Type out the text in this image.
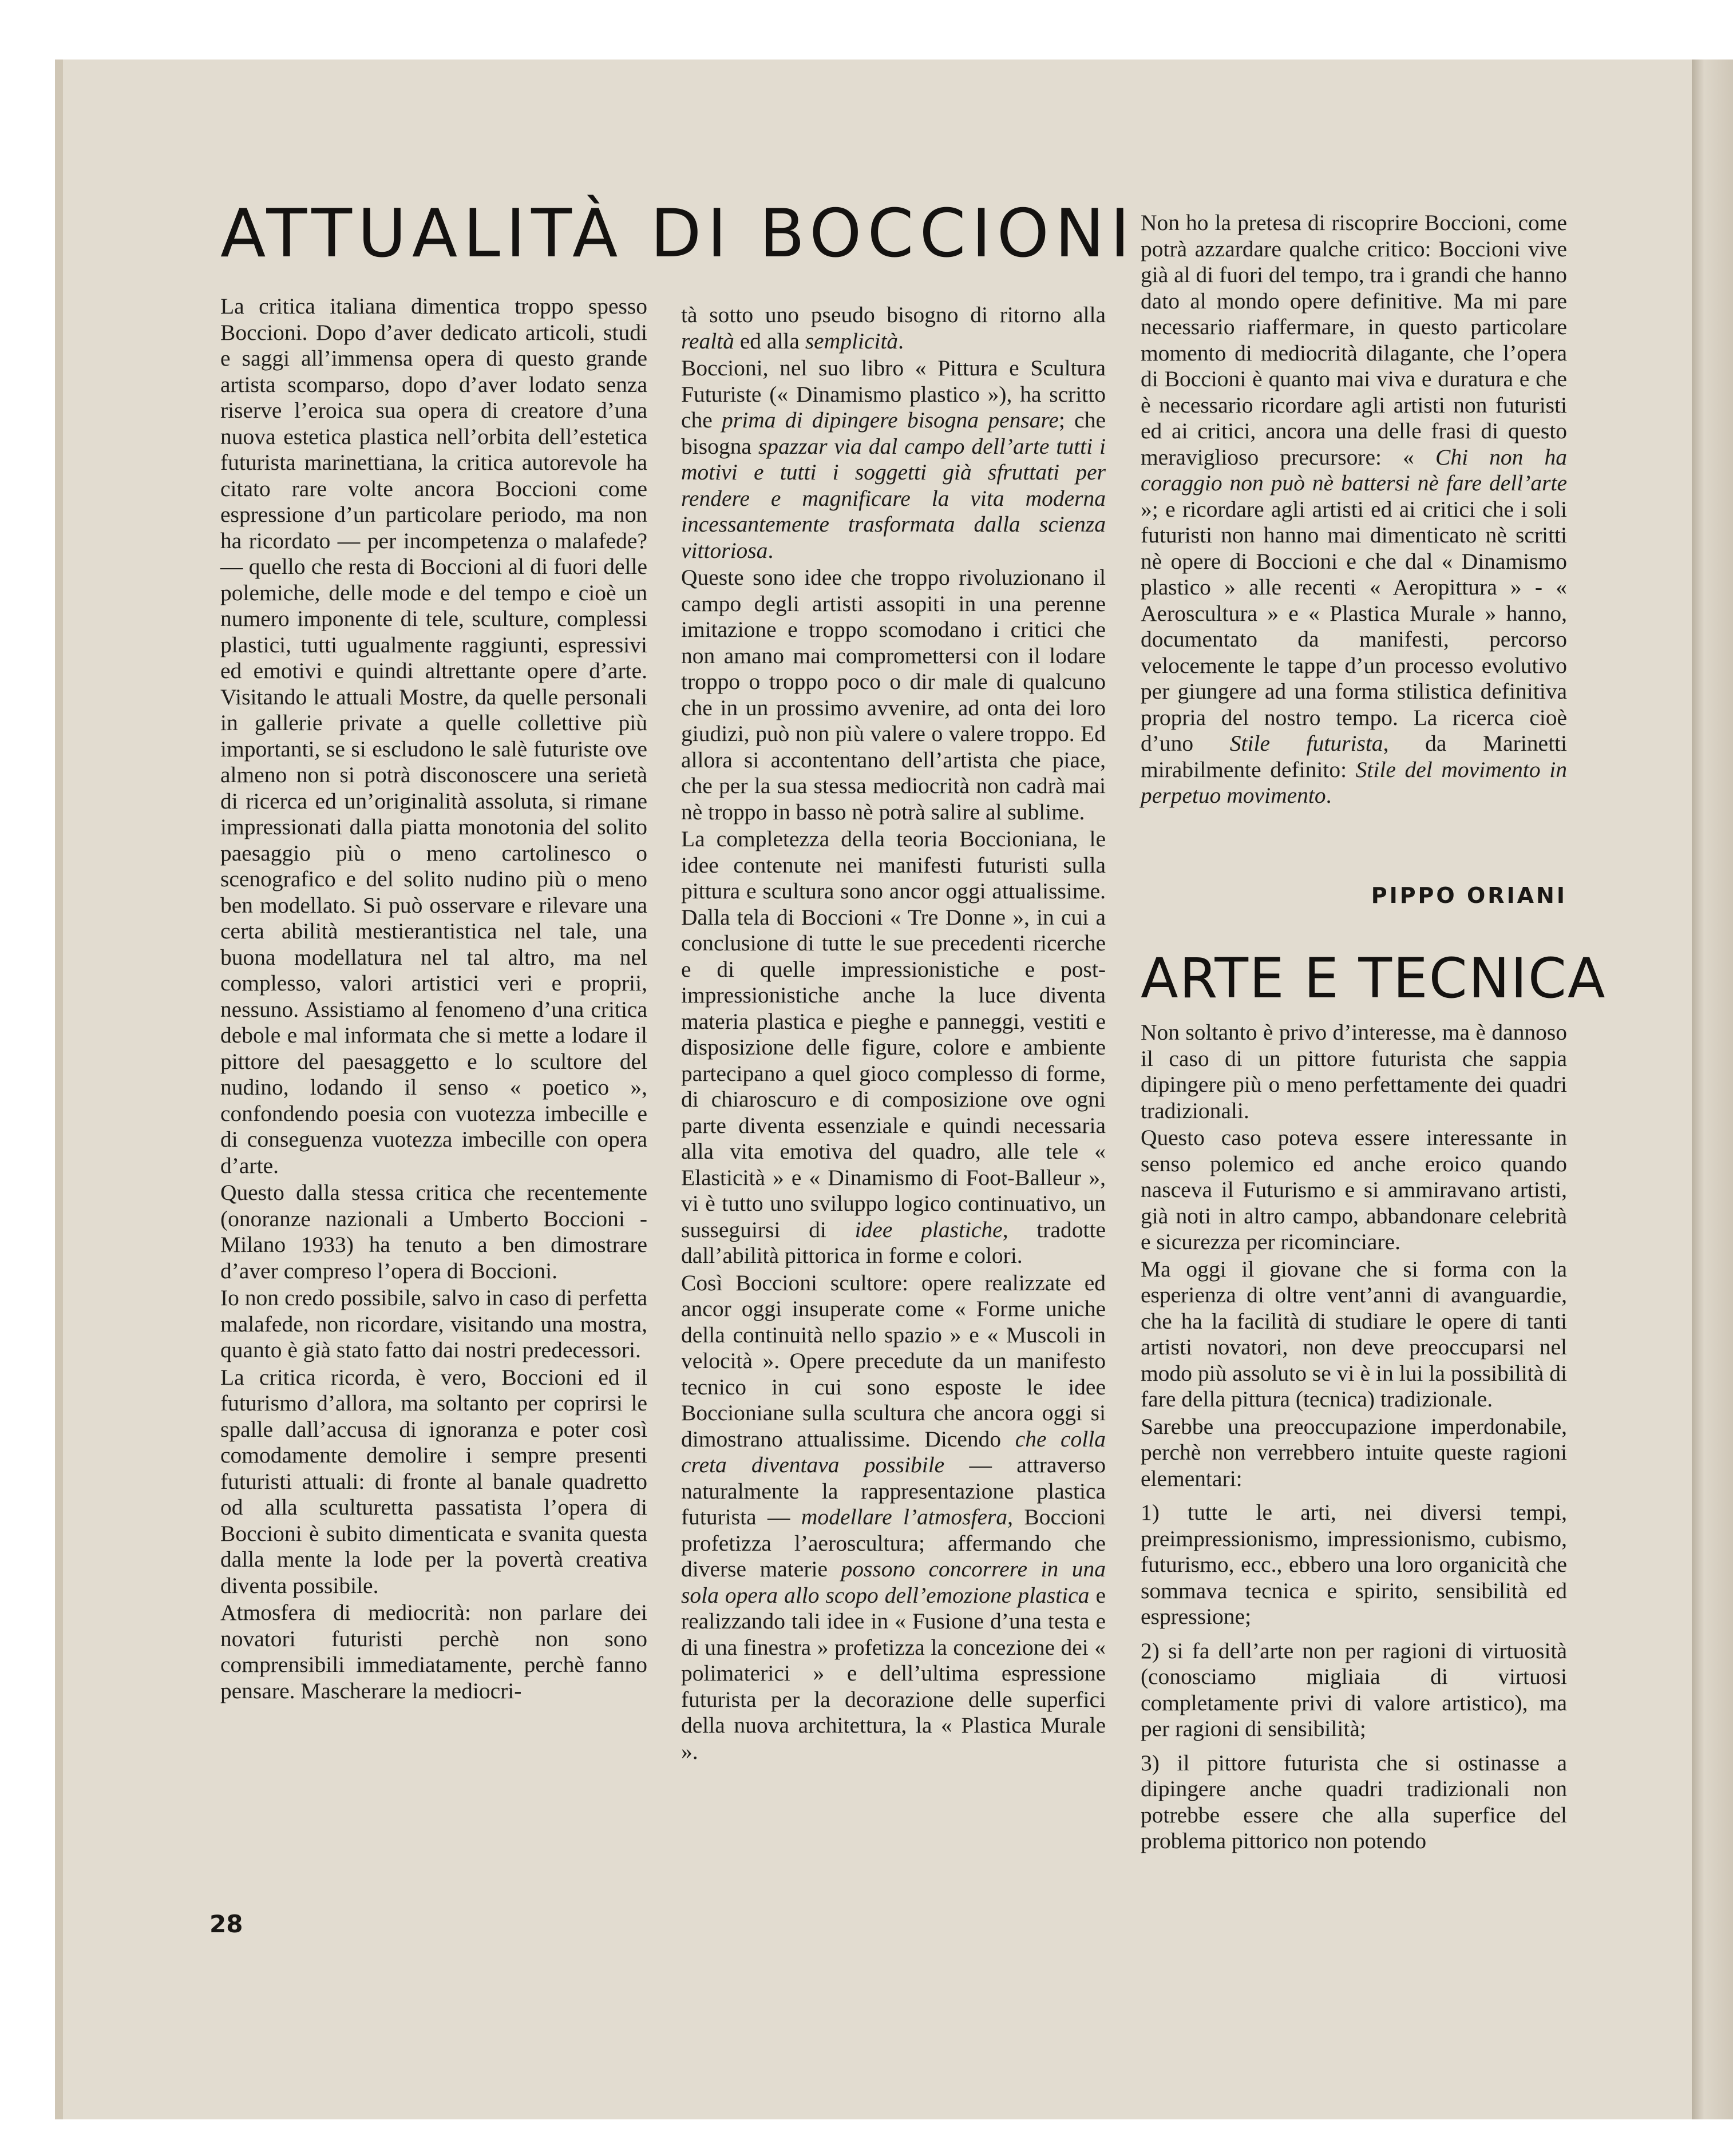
ATTUALITÀ DI BOCCIONI

La critica italiana dimentica troppo spesso Boccioni. Dopo d’aver dedicato articoli, studi e saggi all’immensa opera di questo grande artista scomparso, dopo d’aver lodato senza riserve l’eroica sua opera di creatore d’una nuova estetica plastica nell’orbita dell’estetica futurista marinettiana, la critica autorevole ha citato rare volte ancora Boccioni come espressione d’un particolare periodo, ma non ha ricordato — per incompetenza o malafede? — quello che resta di Boccioni al di fuori delle polemiche, delle mode e del tempo e cioè un numero imponente di tele, sculture, complessi plastici, tutti ugualmente raggiunti, espressivi ed emotivi e quindi altrettante opere d’arte. Visitando le attuali Mostre, da quelle personali in gallerie private a quelle collettive più importanti, se si escludono le salè futuriste ove almeno non si potrà disconoscere una serietà di ricerca ed un’originalità assoluta, si rimane impressionati dalla piatta monotonia del solito paesaggio più o meno cartolinesco o scenografico e del solito nudino più o meno ben modellato. Si può osservare e rilevare una certa abilità mestierantistica nel tale, una buona modellatura nel tal altro, ma nel complesso, valori artistici veri e proprii, nessuno. Assistiamo al fenomeno d’una critica debole e mal informata che si mette a lodare il pittore del paesaggetto e lo scultore del nudino, lodando il senso « poetico », confondendo poesia con vuotezza imbecille e di conseguenza vuotezza imbecille con opera d’arte.

Questo dalla stessa critica che recentemente (onoranze nazionali a Umberto Boccioni - Milano 1933) ha tenuto a ben dimostrare d’aver compreso l’opera di Boccioni.

Io non credo possibile, salvo in caso di perfetta malafede, non ricordare, visitando una mostra, quanto è già stato fatto dai nostri predecessori.

La critica ricorda, è vero, Boccioni ed il futurismo d’allora, ma soltanto per coprirsi le spalle dall’accusa di ignoranza e poter così comodamente demolire i sempre presenti futuristi attuali: di fronte al banale quadretto od alla sculturetta passatista l’opera di Boccioni è subito dimenticata e svanita questa dalla mente la lode per la povertà creativa diventa possibile.

Atmosfera di mediocrità: non parlare dei novatori futuristi perchè non sono comprensibili immediatamente, perchè fanno pensare. Mascherare la mediocri-

tà sotto uno pseudo bisogno di ritorno alla realtà ed alla semplicità.

Boccioni, nel suo libro « Pittura e Scultura Futuriste (« Dinamismo plastico »), ha scritto che prima di dipingere bisogna pensare; che bisogna spazzar via dal campo dell’arte tutti i motivi e tutti i soggetti già sfruttati per rendere e magnificare la vita moderna incessantemente trasformata dalla scienza vittoriosa.

Queste sono idee che troppo rivoluzionano il campo degli artisti assopiti in una perenne imitazione e troppo scomodano i critici che non amano mai compromettersi con il lodare troppo o troppo poco o dir male di qualcuno che in un prossimo avvenire, ad onta dei loro giudizi, può non più valere o valere troppo. Ed allora si accontentano dell’artista che piace, che per la sua stessa mediocrità non cadrà mai nè troppo in basso nè potrà salire al sublime.

La completezza della teoria Boccioniana, le idee contenute nei manifesti futuristi sulla pittura e scultura sono ancor oggi attualissime. Dalla tela di Boccioni « Tre Donne », in cui a conclusione di tutte le sue precedenti ricerche e di quelle impressionistiche e post-impressionistiche anche la luce diventa materia plastica e pieghe e panneggi, vestiti e disposizione delle figure, colore e ambiente partecipano a quel gioco complesso di forme, di chiaroscuro e di composizione ove ogni parte diventa essenziale e quindi necessaria alla vita emotiva del quadro, alle tele « Elasticità » e « Dinamismo di Foot-Balleur », vi è tutto uno sviluppo logico continuativo, un susseguirsi di idee plastiche, tradotte dall’abilità pittorica in forme e colori.

Così Boccioni scultore: opere realizzate ed ancor oggi insuperate come « Forme uniche della continuità nello spazio » e « Muscoli in velocità ». Opere precedute da un manifesto tecnico in cui sono esposte le idee Boccioniane sulla scultura che ancora oggi si dimostrano attualissime. Dicendo che colla creta diventava possibile — attraverso naturalmente la rappresentazione plastica futurista — modellare l’atmosfera, Boccioni profetizza l’aeroscultura; affermando che diverse materie possono concorrere in una sola opera allo scopo dell’emozione plastica e realizzando tali idee in « Fusione d’una testa e di una finestra » profetizza la concezione dei « polimaterici » e dell’ultima espressione futurista per la decorazione delle superfici della nuova architettura, la « Plastica Murale ».

Non ho la pretesa di riscoprire Boccioni, come potrà azzardare qualche critico: Boccioni vive già al di fuori del tempo, tra i grandi che hanno dato al mondo opere definitive. Ma mi pare necessario riaffermare, in questo particolare momento di mediocrità dilagante, che l’opera di Boccioni è quanto mai viva e duratura e che è necessario ricordare agli artisti non futuristi ed ai critici, ancora una delle frasi di questo meraviglioso precursore: « Chi non ha coraggio non può nè battersi nè fare dell’arte »; e ricordare agli artisti ed ai critici che i soli futuristi non hanno mai dimenticato nè scritti nè opere di Boccioni e che dal « Dinamismo plastico » alle recenti « Aeropittura » - « Aeroscultura » e « Plastica Murale » hanno, documentato da manifesti, percorso velocemente le tappe d’un processo evolutivo per giungere ad una forma stilistica definitiva propria del nostro tempo. La ricerca cioè d’uno Stile futurista, da Marinetti mirabilmente definito: Stile del movimento in perpetuo movimento.

PIPPO ORIANI
ARTE E TECNICA

Non soltanto è privo d’interesse, ma è dannoso il caso di un pittore futurista che sappia dipingere più o meno perfettamente dei quadri tradizionali.

Questo caso poteva essere interessante in senso polemico ed anche eroico quando nasceva il Futurismo e si ammiravano artisti, già noti in altro campo, abbandonare celebrità e sicurezza per ricominciare.

Ma oggi il giovane che si forma con la esperienza di oltre vent’anni di avanguardie, che ha la facilità di studiare le opere di tanti artisti novatori, non deve preoccuparsi nel modo più assoluto se vi è in lui la possibilità di fare della pittura (tecnica) tradizionale.

Sarebbe una preoccupazione imperdonabile, perchè non verrebbero intuite queste ragioni elementari:

1) tutte le arti, nei diversi tempi, preimpressionismo, impressionismo, cubismo, futurismo, ecc., ebbero una loro organicità che sommava tecnica e spirito, sensibilità ed espressione;

2) si fa dell’arte non per ragioni di virtuosità (conosciamo migliaia di virtuosi completamente privi di valore artistico), ma per ragioni di sensibilità;

3) il pittore futurista che si ostinasse a dipingere anche quadri tradizionali non potrebbe essere che alla superfice del problema pittorico non potendo

28
